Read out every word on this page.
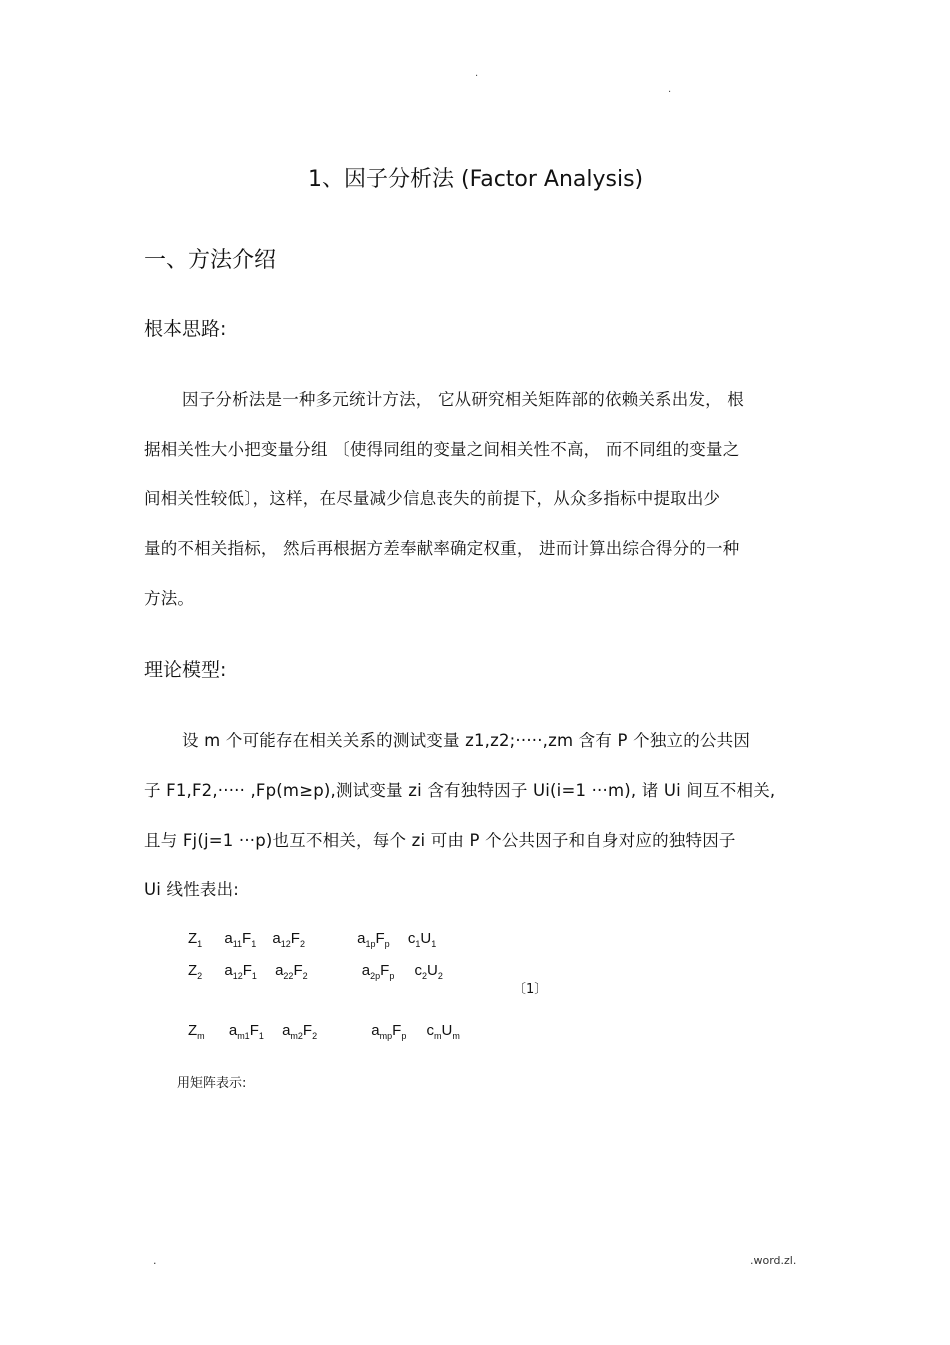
.
.
1、因子分析法 (Factor Analysis)
一、方法介绍
根本思路:
因子分析法是一种多元统计方法， 它从研究相关矩阵部的依赖关系出发， 根
据相关性大小把变量分组 〔使得同组的变量之间相关性不高， 而不同组的变量之
间相关性较低〕，这样，在尽量减少信息丧失的前提下，从众多指标中提取出少
量的不相关指标， 然后再根据方差奉献率确定权重， 进而计算出综合得分的一种
方法。
理论模型:
设 m 个可能存在相关关系的测试变量 z1,z2;·····,zm 含有 P 个独立的公共因
子 F1,F2,····· ,Fp(m≥p),测试变量 zi 含有独特因子 Ui(i=1 ···m), 诸 Ui 间互不相关,
且与 Fj(j=1 ···p)也互不相关，每个 zi 可由 P 个公共因子和自身对应的独特因子
Ui 线性表出:
$Z_1$ $a_{11}F_1$ $a_{12}F_2$	$a_{1p}F_p$ $c_1U_1$
$Z_2$ $a_{12}F_1$ $a_{22}F_2$	$a_{2p}F_p$ $c_2U_2$
〔1〕
$Z_m$ $a_{m1}F_1$ $a_{m2}F_2$	$a_{mp}F_p$ $c_mU_m$
用矩阵表示:
.	.word.zl.
